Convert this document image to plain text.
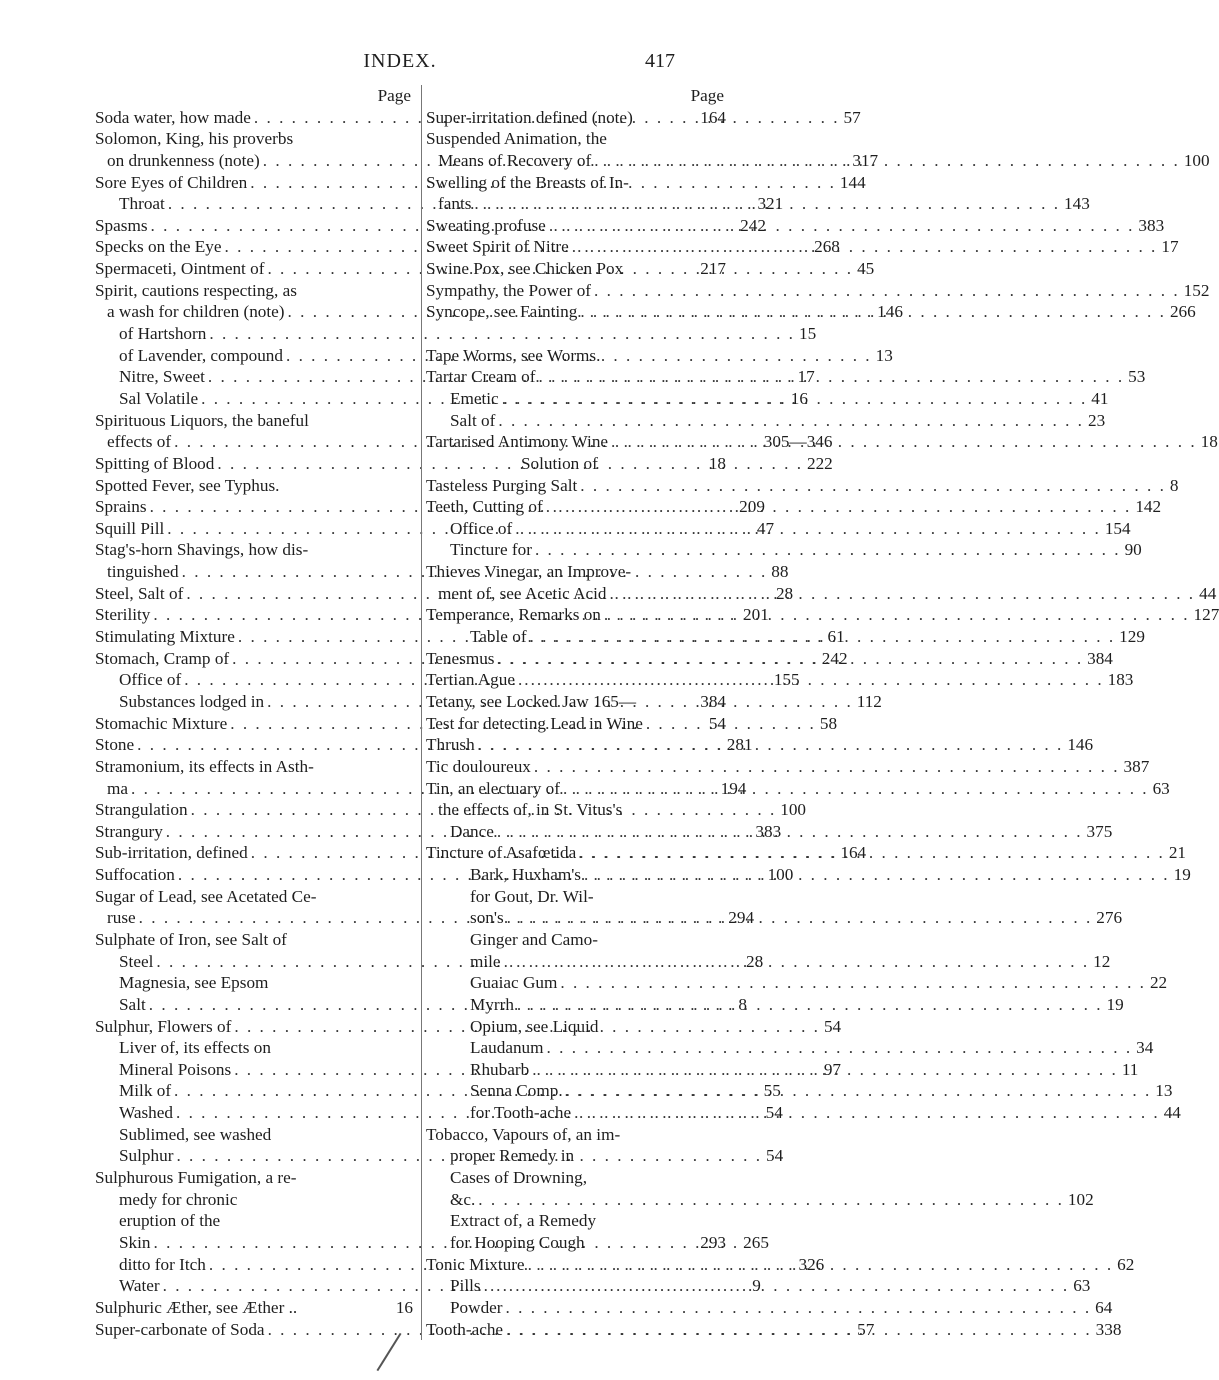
INDEX.	417
Page
Soda water, how made . . .	57
Solomon, King, his proverbs
on drunkenness (note) . . .	317
Sore Eyes of Children . . .	144
Throat . . .	321
Spasms . . .	242
Specks on the Eye . . .	268
Spermaceti, Ointment of . . .	45
Spirit, cautions respecting, as
a wash for children (note) . . .	146
of Hartshorn . . .	15
of Lavender, compound . . .	13
Nitre, Sweet . . .	17
Sal Volatile . . .	16
Spirituous Liquors, the baneful
effects of . . .	305—346
Spitting of Blood . . .	222
Spotted Fever, see Typhus.
Sprains . . .	209
Squill Pill . . .	47
Stag's-horn Shavings, how dis-
tinguished . . .	88
Steel, Salt of . . .	28
Sterility . . .	201
Stimulating Mixture . . .	61
Stomach, Cramp of . . .	242
Office of . . .	155
Substances lodged in . . .	112
Stomachic Mixture . . .	58
Stone . . .	281
Stramonium, its effects in Asth-
ma . . .	194
Strangulation . . .	100
Strangury . . .	383
Sub-irritation, defined . . .	164
Suffocation . . .	100
Sugar of Lead, see Acetated Ce-
ruse . . .	294
Sulphate of Iron, see Salt of
Steel . . .	28
Magnesia, see Epsom
Salt . . .	8
Sulphur, Flowers of . . .	54
Liver of, its effects on
Mineral Poisons . . .	97
Milk of . . .	55
Washed . . .	54
Sublimed, see washed
Sulphur . . .	54
Sulphurous Fumigation, a re-
medy for chronic
eruption of the
Skin . . .	265
ditto for Itch . . .	326
Water . . .	9
Sulphuric Æther, see Æther ..	16
Super-carbonate of Soda . . .	57
Page
Super-irritation defined (note)	164
Suspended Animation, the
Means of Recovery of . . .	100
Swelling of the Breasts of In-
fants . . .	143
Sweating profuse . . .	383
Sweet Spirit of Nitre . . .	17
Swine Pox, see Chicken Pox	217
Sympathy, the Power of . . .	152
Syncope, see Fainting . . .	266
Tape Worms, see Worms.
Tartar Cream of . . .	53
Emetic . . .	41
Salt of . . .	23
Tartarised Antimony Wine . . .	18
Solution of	18
Tasteless Purging Salt . . .	8
Teeth, Cutting of . . .	142
Office of . . .	154
Tincture for . . .	90
Thieves Vinegar, an Improve-
ment of, see Acetic Acid . . .	44
Temperance, Remarks on . . .	127
Table of . . .	129
Tenesmus . . .	384
Tertian Ague . . .	183
Tetany, see Locked Jaw 165—	384
Test for detecting Lead in Wine	54
Thrush . . .	146
Tic douloureux . . .	387
Tin, an electuary of . . .	63
the effects of, in St. Vitus's
Dance . . .	375
Tincture of Asafœtida . . .	21
Bark, Huxham's . . .	19
for Gout, Dr. Wil-
son's . . .	276
Ginger and Camo-
mile . . .	12
Guaiac Gum . . .	22
Myrrh . . .	19
Opium, see Liquid
Laudanum . . .	34
Rhubarb . . .	11
Senna Comp. . . .	13
for Tooth-ache . . .	44
Tobacco, Vapours of, an im-
proper Remedy in
Cases of Drowning,
&c. . . .	102
Extract of, a Remedy
for Hooping Cough	293
Tonic Mixture . . .	62
Pills . . .	63
Powder . . .	64
Tooth-ache . . .	338
